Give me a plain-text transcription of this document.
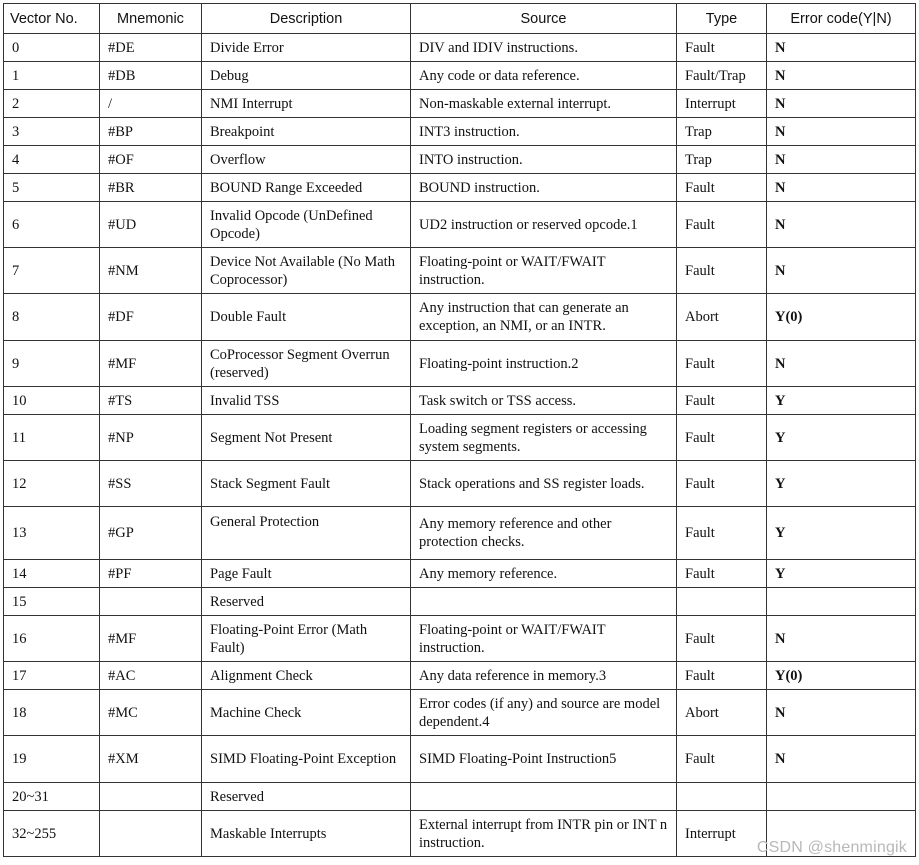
Vector No.	Mnemonic	Description	Source	Type	Error code(Y|N)
0	#DE	Divide Error	DIV and IDIV instructions.	Fault	N
1	#DB	Debug	Any code or data reference.	Fault/Trap	N
2	/	NMI Interrupt	Non-maskable external interrupt.	Interrupt	N
3	#BP	Breakpoint	INT3 instruction.	Trap	N
4	#OF	Overflow	INTO instruction.	Trap	N
5	#BR	BOUND Range Exceeded	BOUND instruction.	Fault	N
6	#UD	Invalid Opcode (UnDefined Opcode)	UD2 instruction or reserved opcode.1	Fault	N
7	#NM	Device Not Available (No Math Coprocessor)	Floating-point or WAIT/FWAIT instruction.	Fault	N
8	#DF	Double Fault	Any instruction that can generate an exception, an NMI, or an INTR.	Abort	Y(0)
9	#MF	CoProcessor Segment Overrun (reserved)	Floating-point instruction.2	Fault	N
10	#TS	Invalid TSS	Task switch or TSS access.	Fault	Y
11	#NP	Segment Not Present	Loading segment registers or accessing system segments.	Fault	Y
12	#SS	Stack Segment Fault	Stack operations and SS register loads.	Fault	Y
13	#GP	General Protection	Any memory reference and other protection checks.	Fault	Y
14	#PF	Page Fault	Any memory reference.	Fault	Y
15		Reserved			
16	#MF	Floating-Point Error (Math Fault)	Floating-point or WAIT/FWAIT instruction.	Fault	N
17	#AC	Alignment Check	Any data reference in memory.3	Fault	Y(0)
18	#MC	Machine Check	Error codes (if any) and source are model dependent.4	Abort	N
19	#XM	SIMD Floating-Point Exception	SIMD Floating-Point Instruction5	Fault	N
20~31		Reserved			
32~255		Maskable Interrupts	External interrupt from INTR pin or INT n instruction.	Interrupt	
CSDN @shenmingik
